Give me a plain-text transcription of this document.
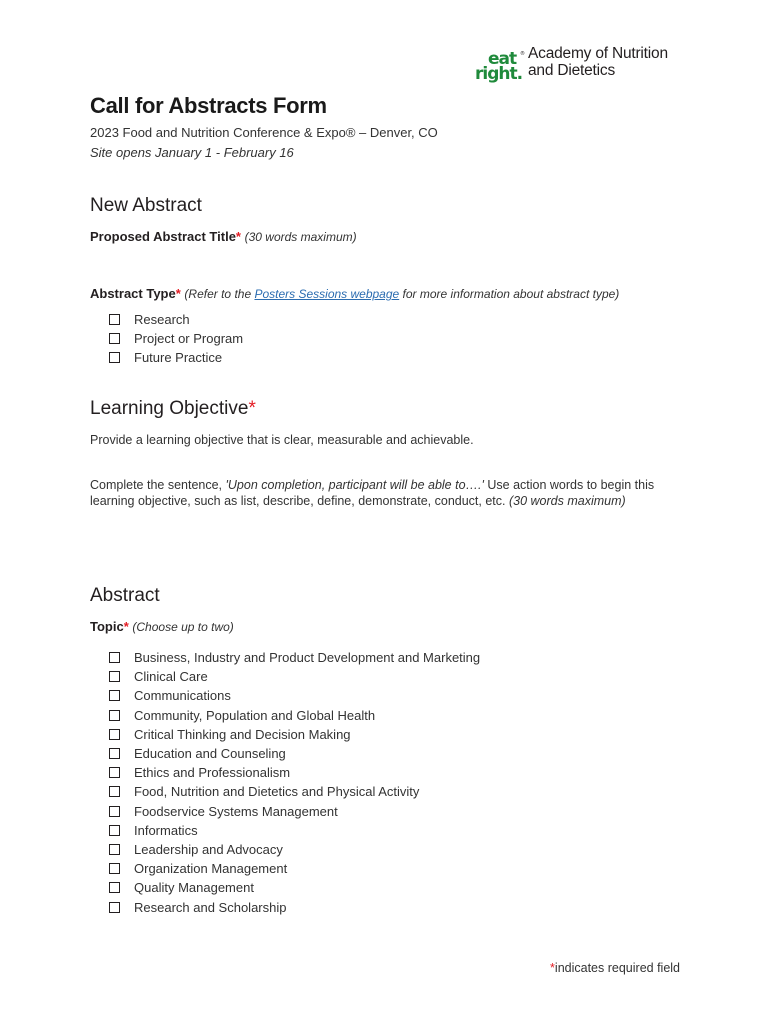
eat
right.
® Academy of Nutrition
and Dietetics
Call for Abstracts Form
2023 Food and Nutrition Conference & Expo® – Denver, CO
Site opens January 1 - February 16
New Abstract
Proposed Abstract Title* (30 words maximum)
Abstract Type* (Refer to the Posters Sessions webpage for more information about abstract type)
Research
Project or Program
Future Practice
Learning Objective*
Provide a learning objective that is clear, measurable and achievable.
Complete the sentence, 'Upon completion, participant will be able to….' Use action words to begin this learning objective, such as list, describe, define, demonstrate, conduct, etc. (30 words maximum)
Abstract
Topic* (Choose up to two)
Business, Industry and Product Development and Marketing
Clinical Care
Communications
Community, Population and Global Health
Critical Thinking and Decision Making
Education and Counseling
Ethics and Professionalism
Food, Nutrition and Dietetics and Physical Activity
Foodservice Systems Management
Informatics
Leadership and Advocacy
Organization Management
Quality Management
Research and Scholarship
*indicates required field
